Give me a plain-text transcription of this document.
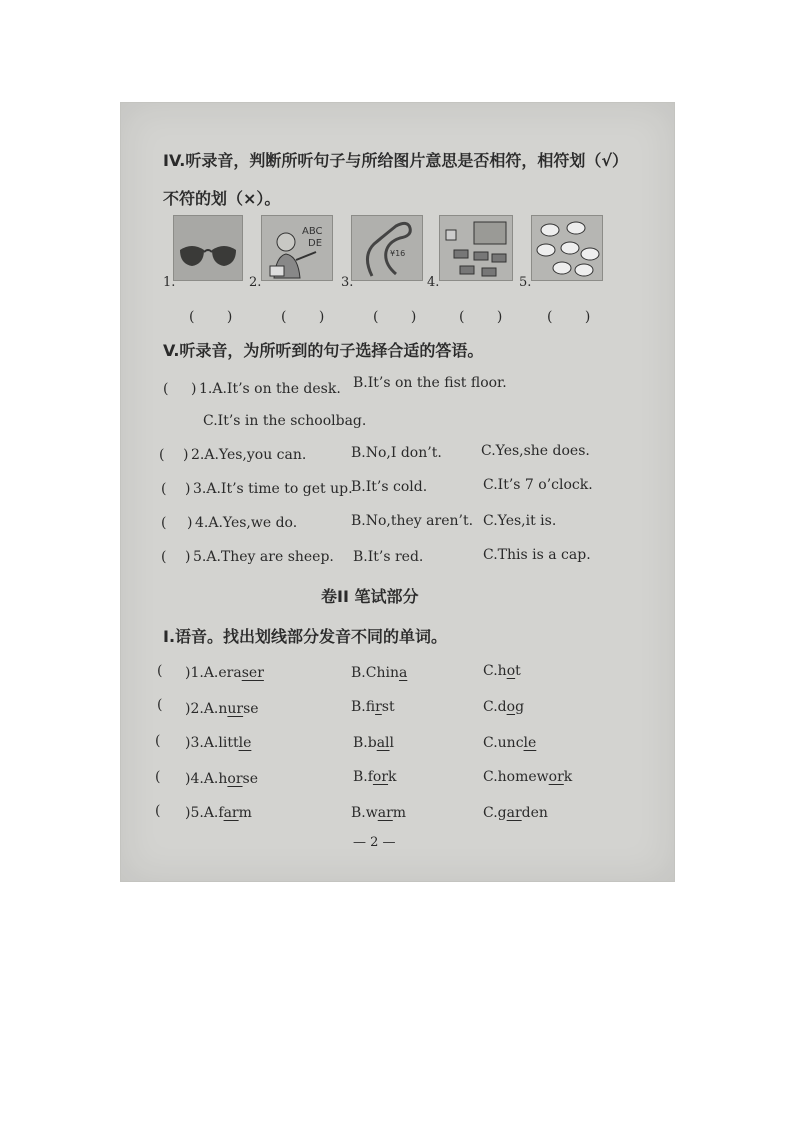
IV.听录音，判断所听句子与所给图片意思是否相符，相符划（√）
不符的划（×）。
ABC
DE
¥16
1.	2.	3.	4.	5.
( ) ( ) ( ) ( ) ( )
V.听录音，为所听到的句子选择合适的答语。
( ) 1.A.It’s on the desk. B.It’s on the fist floor.
C.It’s in the schoolbag.
( ) 2.A.Yes,you can.	B.No,I don’t.	C.Yes,she does.
( ) 3.A.It’s time to get up.
B.It’s cold.	C.It’s 7 o’clock.
( ) 4.A.Yes,we do.	B.No,they aren’t. C.Yes,it is.
( ) 5.A.They are sheep. B.It’s red.	C.This is a cap.
卷II 笔试部分
I.语音。找出划线部分发音不同的单词。
( )1.A.eraser	B.China	C.hot
( )2.A.nurse	B.first	C.dog
( )3.A.little	B.ball	C.uncle
( )4.A.horse	B.fork	C.homework
( )5.A.farm	B.warm	C.garden
— 2 —
